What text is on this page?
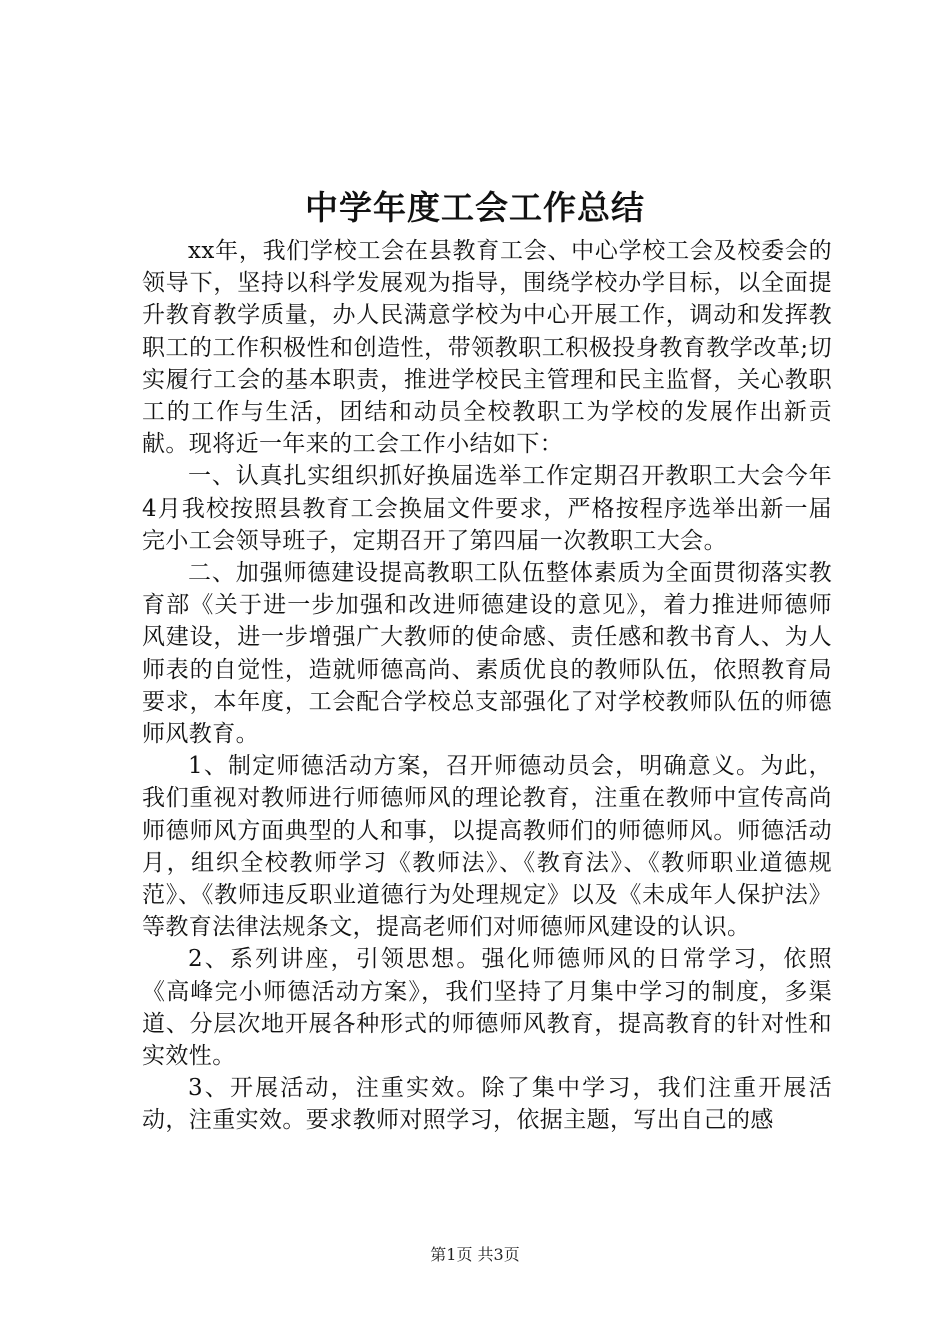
中学年度工会工作总结

xx年，我们学校工会在县教育工会、中心学校工会及校委会的领导下，坚持以科学发展观为指导，围绕学校办学目标，以全面提升教育教学质量，办人民满意学校为中心开展工作，调动和发挥教职工的工作积极性和创造性，带领教职工积极投身教育教学改革;切实履行工会的基本职责，推进学校民主管理和民主监督，关心教职工的工作与生活，团结和动员全校教职工为学校的发展作出新贡献。现将近一年来的工会工作小结如下：

一、认真扎实组织抓好换届选举工作定期召开教职工大会今年4月我校按照县教育工会换届文件要求，严格按程序选举出新一届完小工会领导班子，定期召开了第四届一次教职工大会。

二、加强师德建设提高教职工队伍整体素质为全面贯彻落实教育部《关于进一步加强和改进师德建设的意见》，着力推进师德师风建设，进一步增强广大教师的使命感、责任感和教书育人、为人师表的自觉性，造就师德高尚、素质优良的教师队伍，依照教育局要求，本年度，工会配合学校总支部强化了对学校教师队伍的师德师风教育。

1、制定师德活动方案，召开师德动员会，明确意义。为此，我们重视对教师进行师德师风的理论教育，注重在教师中宣传高尚师德师风方面典型的人和事，以提高教师们的师德师风。师德活动月，组织全校教师学习《教师法》、《教育法》、《教师职业道德规范》、《教师违反职业道德行为处理规定》以及《未成年人保护法》等教育法律法规条文，提高老师们对师德师风建设的认识。

2、系列讲座，引领思想。强化师德师风的日常学习，依照《高峰完小师德活动方案》，我们坚持了月集中学习的制度，多渠道、分层次地开展各种形式的师德师风教育，提高教育的针对性和实效性。

3、开展活动，注重实效。除了集中学习，我们注重开展活动，注重实效。要求教师对照学习，依据主题，写出自己的感

第1页 共3页
